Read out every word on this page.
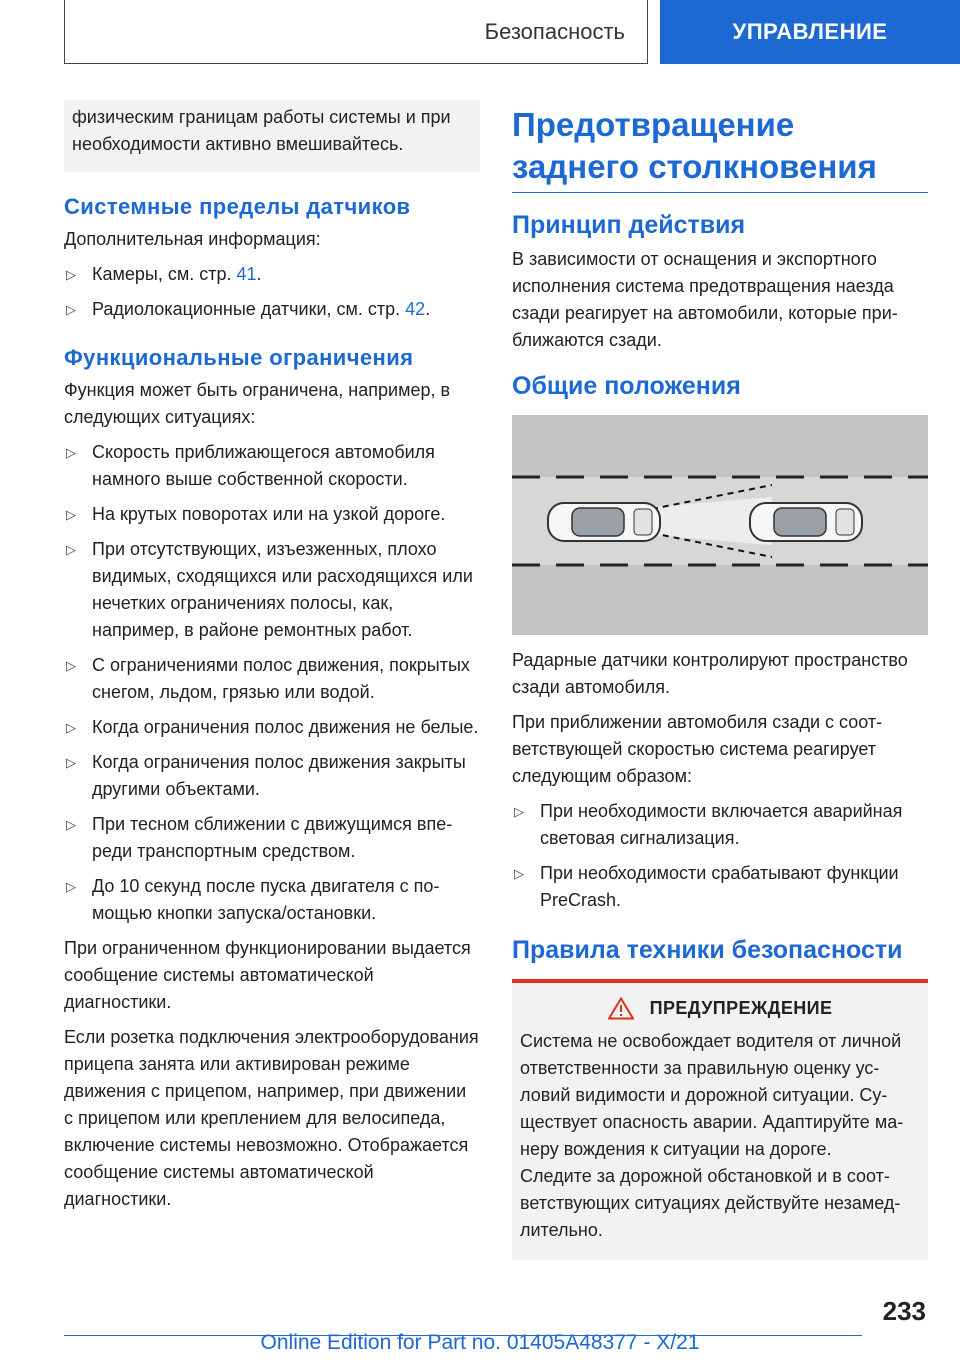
Безопасность	УПРАВЛЕНИЕ
физическим границам работы системы и при необходимости активно вмешивайтесь.
Системные пределы датчиков

Дополнительная информация:

▷ Камеры, см. стр. 41.
▷ Радиолокационные датчики, см. стр. 42.
Функциональные ограничения

Функция может быть ограничена, например, в следующих ситуациях:

▷ Скорость приближающегося автомобиля намного выше собственной скорости.
▷ На крутых поворотах или на узкой дороге.
▷ При отсутствующих, изъезженных, плохо видимых, сходящихся или расходящихся или нечетких ограничениях полосы, как, например, в районе ремонтных работ.
▷ С ограничениями полос движения, покрытых снегом, льдом, грязью или водой.
▷ Когда ограничения полос движения не белые.
▷ Когда ограничения полос движения закрыты другими объектами.
▷ При тесном сближении с движущимся впереди транспортным средством.
▷ До 10 секунд после пуска двигателя с помощью кнопки запуска/остановки.

При ограниченном функционировании выдается сообщение системы автоматической диагностики.

Если розетка подключения электрооборудования прицепа занята или активирован режиме движения с прицепом, например, при движении с прицепом или креплением для велосипеда, включение системы невозможно. Отображается сообщение системы автоматической диагностики.

Предотвращение заднего столкновения
Принцип действия

В зависимости от оснащения и экспортного исполнения система предотвращения наезда сзади реагирует на автомобили, которые приближаются сзади.

Общие положения

Радарные датчики контролируют пространство сзади автомобиля.

При приближении автомобиля сзади с соответствующей скоростью система реагирует следующим образом:

▷ При необходимости включается аварийная световая сигнализация.
▷ При необходимости срабатывают функции PreCrash.
Правила техники безопасности
ПРЕДУПРЕЖДЕНИЕ

Система не освобождает водителя от личной ответственности за правильную оценку условий видимости и дорожной ситуации. Существует опасность аварии. Адаптируйте манеру вождения к ситуации на дороге.

Следите за дорожной обстановкой и в соответствующих ситуациях действуйте незамедлительно.

233
Online Edition for Part no. 01405A48377 - X/21
